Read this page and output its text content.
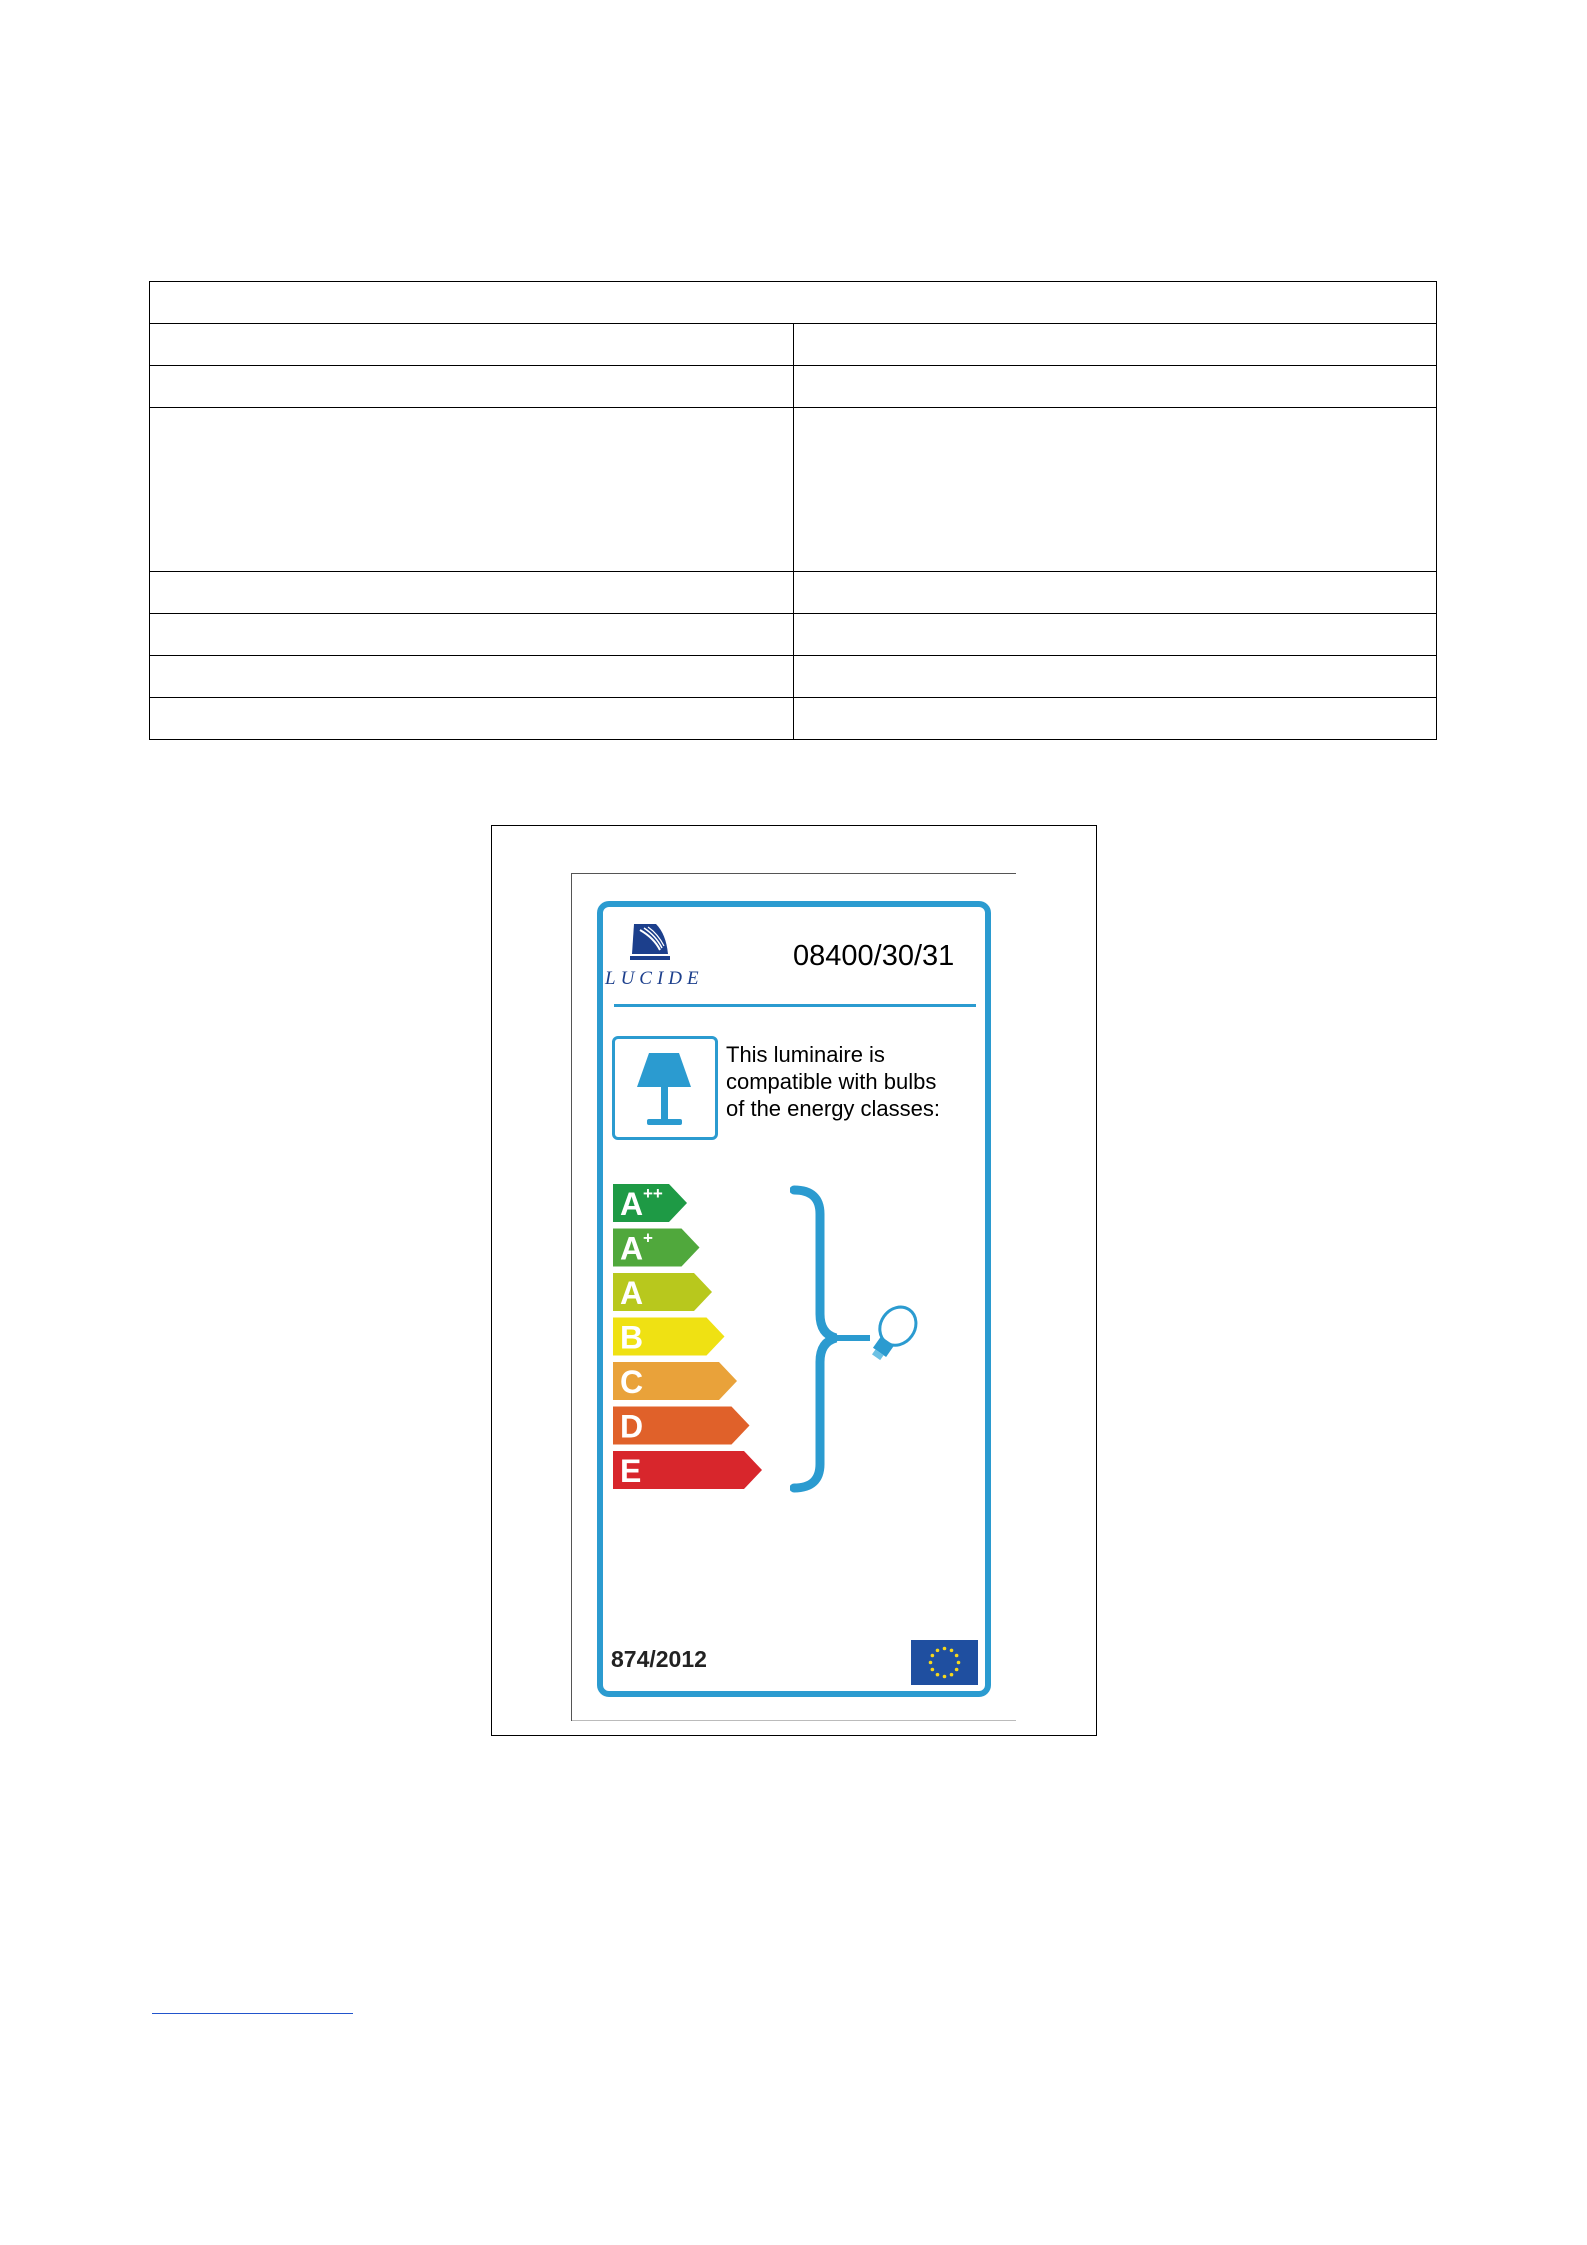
LUCIDE
08400/30/31
This luminaire is
compatible with bulbs
of the energy classes:
A ++
A +
A
B
C
D
E
874/2012
